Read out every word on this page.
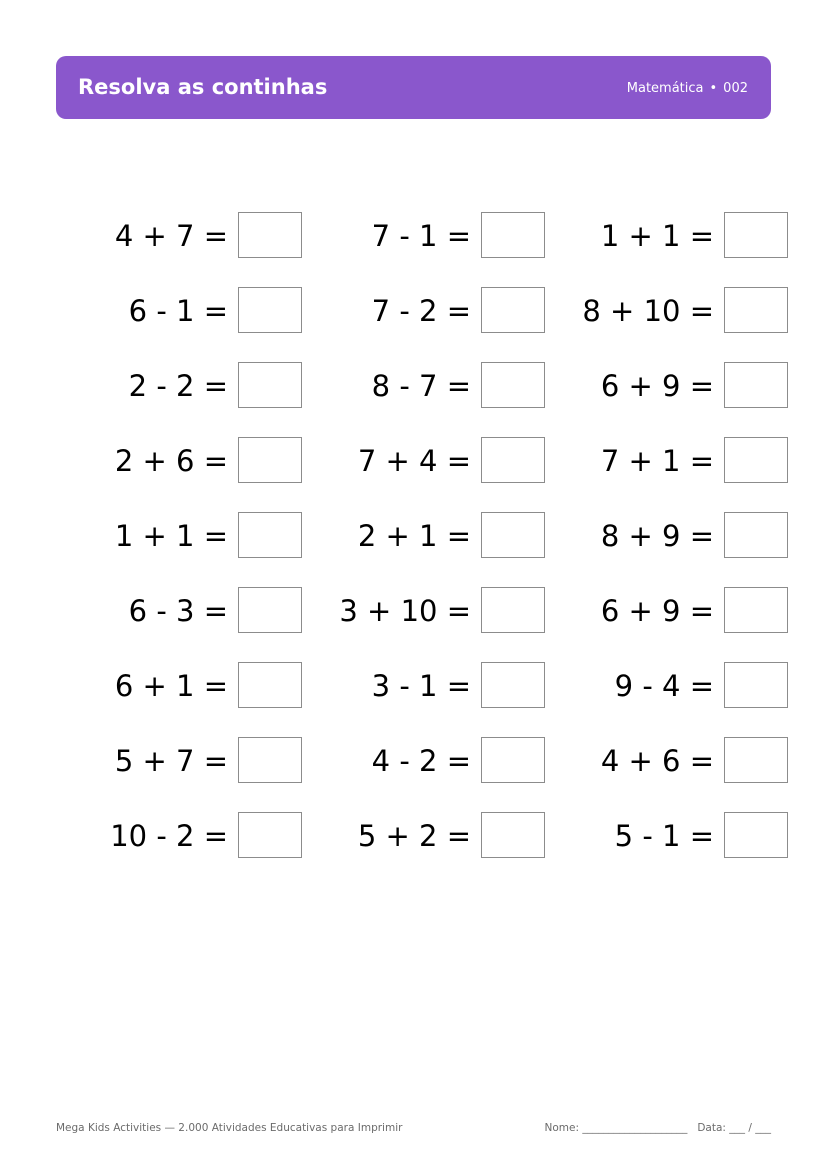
Resolva as continhas	Matemática • 002
4 + 7 =	7 - 1 =	1 + 1 =
6 - 1 =	7 - 2 =	8 + 10 =
2 - 2 =	8 - 7 =	6 + 9 =
2 + 6 =	7 + 4 =	7 + 1 =
1 + 1 =	2 + 1 =	8 + 9 =
6 - 3 =	3 + 10 =	6 + 9 =
6 + 1 =	3 - 1 =	9 - 4 =
5 + 7 =	4 - 2 =	4 + 6 =
10 - 2 =	5 + 2 =	5 - 1 =
Mega Kids Activities — 2.000 Atividades Educativas para Imprimir	Nome: ____________________ Data: ___ / ___
